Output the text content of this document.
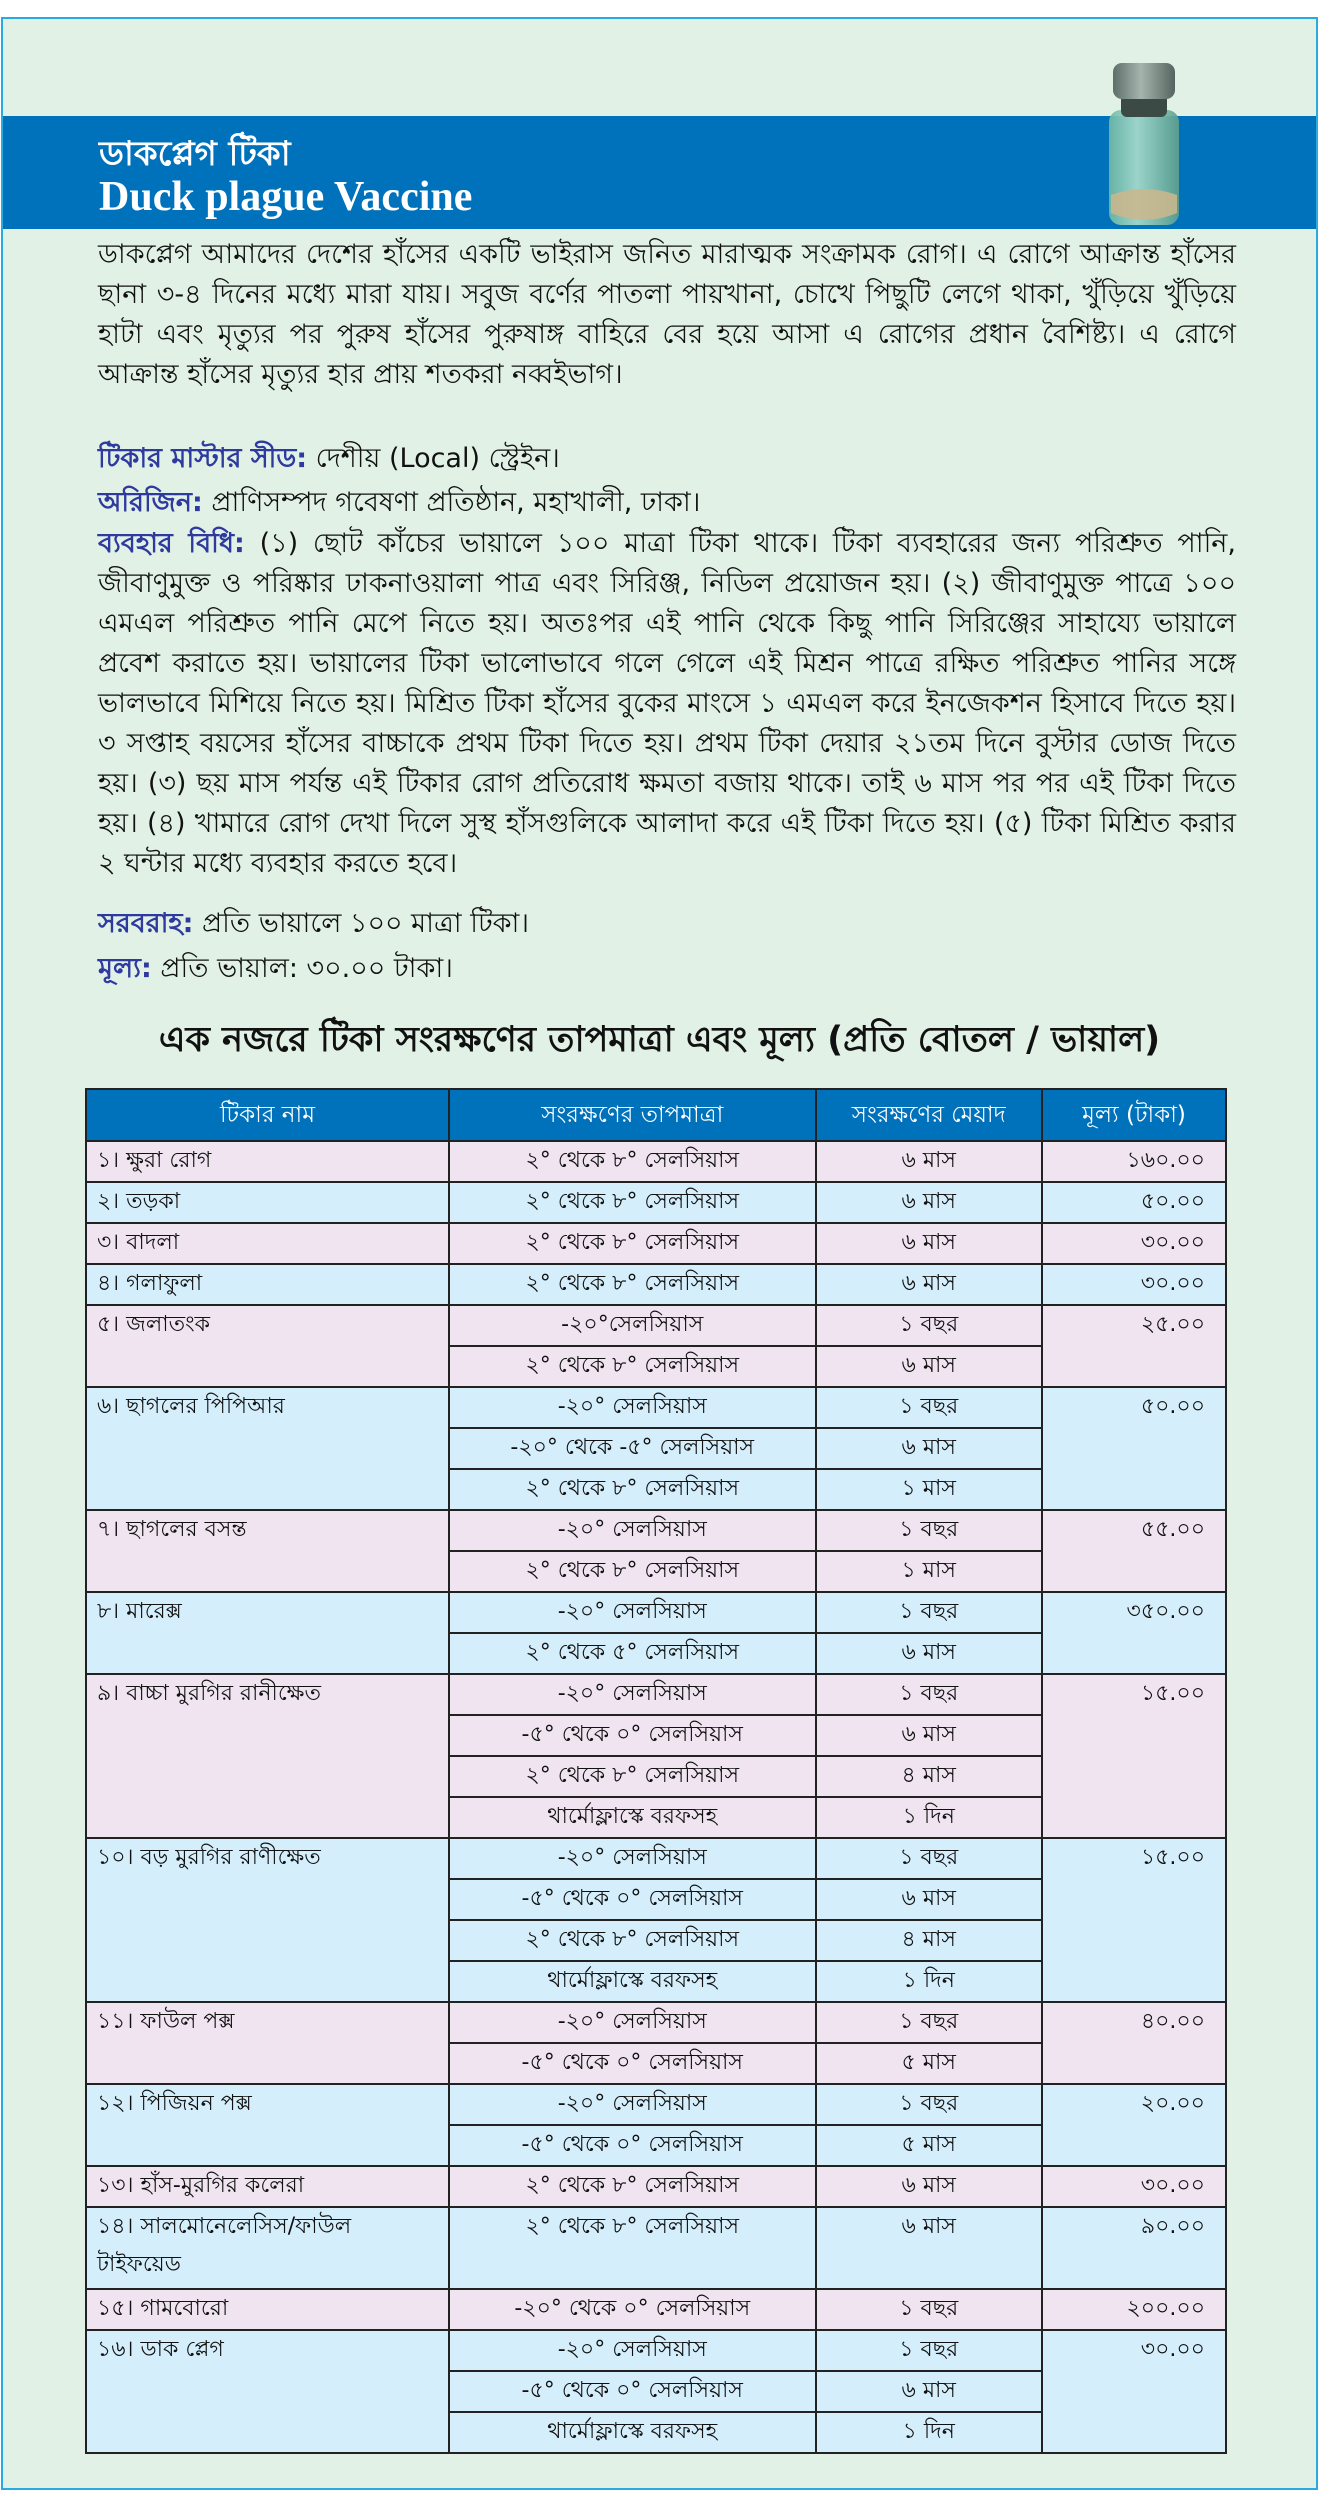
ডাকপ্লেগ টিকা
Duck plague Vaccine
ডাকপ্লেগ আমাদের দেশের হাঁসের একটি ভাইরাস জনিত মারাত্মক সংক্রামক রোগ। এ রোগে আক্রান্ত হাঁসের ছানা ৩-৪ দিনের মধ্যে মারা যায়। সবুজ বর্ণের পাতলা পায়খানা, চোখে পিছুটি লেগে থাকা, খুঁড়িয়ে খুঁড়িয়ে হাটা এবং মৃত্যুর পর পুরুষ হাঁসের পুরুষাঙ্গ বাহিরে বের হয়ে আসা এ রোগের প্রধান বৈশিষ্ট্য। এ রোগে আক্রান্ত হাঁসের মৃত্যুর হার প্রায় শতকরা নব্বইভাগ।
টিকার মাস্টার সীড: দেশীয় (Local) স্ট্রেইন।
অরিজিন: প্রাণিসম্পদ গবেষণা প্রতিষ্ঠান, মহাখালী, ঢাকা।
ব্যবহার বিধি: (১) ছোট কাঁচের ভায়ালে ১০০ মাত্রা টিকা থাকে। টিকা ব্যবহারের জন্য পরিশ্রুত পানি, জীবাণুমুক্ত ও পরিষ্কার ঢাকনাওয়ালা পাত্র এবং সিরিঞ্জ, নিডিল প্রয়োজন হয়। (২) জীবাণুমুক্ত পাত্রে ১০০ এমএল পরিশ্রুত পানি মেপে নিতে হয়। অতঃপর এই পানি থেকে কিছু পানি সিরিঞ্জের সাহায্যে ভায়ালে প্রবেশ করাতে হয়। ভায়ালের টিকা ভালোভাবে গলে গেলে এই মিশ্রন পাত্রে রক্ষিত পরিশ্রুত পানির সঙ্গে ভালভাবে মিশিয়ে নিতে হয়। মিশ্রিত টিকা হাঁসের বুকের মাংসে ১ এমএল করে ইনজেকশন হিসাবে দিতে হয়। ৩ সপ্তাহ বয়সের হাঁসের বাচ্চাকে প্রথম টিকা দিতে হয়। প্রথম টিকা দেয়ার ২১তম দিনে বুস্টার ডোজ দিতে হয়। (৩) ছয় মাস পর্যন্ত এই টিকার রোগ প্রতিরোধ ক্ষমতা বজায় থাকে। তাই ৬ মাস পর পর এই টিকা দিতে হয়। (৪) খামারে রোগ দেখা দিলে সুস্থ হাঁসগুলিকে আলাদা করে এই টিকা দিতে হয়। (৫) টিকা মিশ্রিত করার ২ ঘন্টার মধ্যে ব্যবহার করতে হবে।
সরবরাহ: প্রতি ভায়ালে ১০০ মাত্রা টিকা।
মূল্য: প্রতি ভায়াল: ৩০.০০ টাকা।
এক নজরে টিকা সংরক্ষণের তাপমাত্রা এবং মূল্য (প্রতি বোতল / ভায়াল)
টিকার নাম	সংরক্ষণের তাপমাত্রা	সংরক্ষণের মেয়াদ	মূল্য (টাকা)
১। ক্ষুরা রোগ	২° থেকে ৮° সেলসিয়াস	৬ মাস	১৬০.০০
২। তড়কা	২° থেকে ৮° সেলসিয়াস	৬ মাস	৫০.০০
৩। বাদলা	২° থেকে ৮° সেলসিয়াস	৬ মাস	৩০.০০
৪। গলাফুলা	২° থেকে ৮° সেলসিয়াস	৬ মাস	৩০.০০
৫। জলাতংক	-২০°সেলসিয়াস	১ বছর	২৫.০০
	২° থেকে ৮° সেলসিয়াস	৬ মাস	
৬। ছাগলের পিপিআর	-২০° সেলসিয়াস	১ বছর	৫০.০০
	-২০° থেকে -৫° সেলসিয়াস	৬ মাস	
	২° থেকে ৮° সেলসিয়াস	১ মাস	
৭। ছাগলের বসন্ত	-২০° সেলসিয়াস	১ বছর	৫৫.০০
	২° থেকে ৮° সেলসিয়াস	১ মাস	
৮। মারেক্স	-২০° সেলসিয়াস	১ বছর	৩৫০.০০
	২° থেকে ৫° সেলসিয়াস	৬ মাস	
৯। বাচ্চা মুরগির রানীক্ষেত	-২০° সেলসিয়াস	১ বছর	১৫.০০
	-৫° থেকে ০° সেলসিয়াস	৬ মাস	
	২° থেকে ৮° সেলসিয়াস	৪ মাস	
	থার্মোফ্লাস্কে বরফসহ	১ দিন	
১০। বড় মুরগির রাণীক্ষেত	-২০° সেলসিয়াস	১ বছর	১৫.০০
	-৫° থেকে ০° সেলসিয়াস	৬ মাস	
	২° থেকে ৮° সেলসিয়াস	৪ মাস	
	থার্মোফ্লাস্কে বরফসহ	১ দিন	
১১। ফাউল পক্স	-২০° সেলসিয়াস	১ বছর	৪০.০০
	-৫° থেকে ০° সেলসিয়াস	৫ মাস	
১২। পিজিয়ন পক্স	-২০° সেলসিয়াস	১ বছর	২০.০০
	-৫° থেকে ০° সেলসিয়াস	৫ মাস	
১৩। হাঁস-মুরগির কলেরা	২° থেকে ৮° সেলসিয়াস	৬ মাস	৩০.০০
১৪। সালমোনেলেসিস/ফাউল টাইফয়েড	২° থেকে ৮° সেলসিয়াস	৬ মাস	৯০.০০
১৫। গামবোরো	-২০° থেকে ০° সেলসিয়াস	১ বছর	২০০.০০
১৬। ডাক প্লেগ	-২০° সেলসিয়াস	১ বছর	৩০.০০
	-৫° থেকে ০° সেলসিয়াস	৬ মাস	
	থার্মোফ্লাস্কে বরফসহ	১ দিন	
